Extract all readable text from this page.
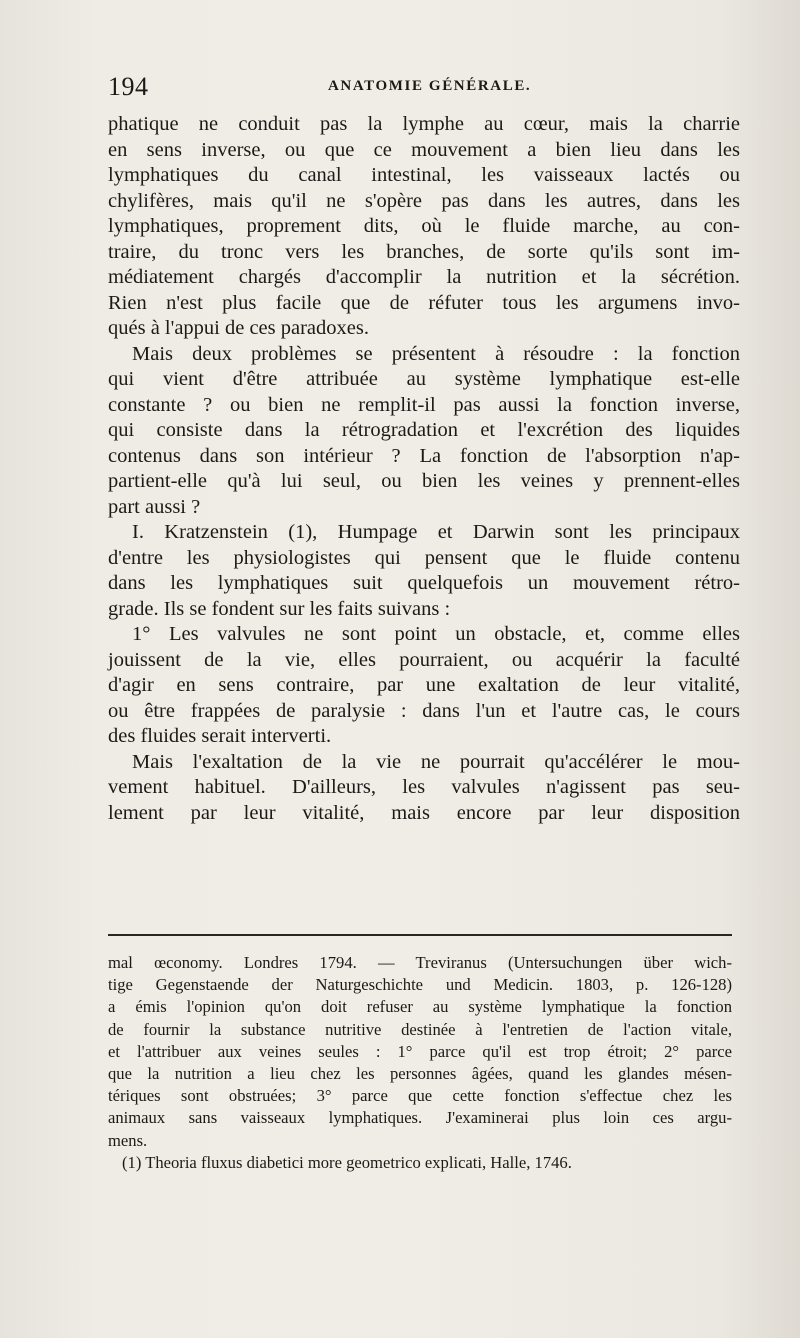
194	ANATOMIE GÉNÉRALE.
phatique ne conduit pas la lymphe au cœur, mais la charrie
en sens inverse, ou que ce mouvement a bien lieu dans les
lymphatiques du canal intestinal, les vaisseaux lactés ou
chylifères, mais qu'il ne s'opère pas dans les autres, dans les
lymphatiques, proprement dits, où le fluide marche, au con-
traire, du tronc vers les branches, de sorte qu'ils sont im-
médiatement chargés d'accomplir la nutrition et la sécrétion.
Rien n'est plus facile que de réfuter tous les argumens invo-
qués à l'appui de ces paradoxes.
Mais deux problèmes se présentent à résoudre : la fonction
qui vient d'être attribuée au système lymphatique est-elle
constante ? ou bien ne remplit-il pas aussi la fonction inverse,
qui consiste dans la rétrogradation et l'excrétion des liquides
contenus dans son intérieur ? La fonction de l'absorption n'ap-
partient-elle qu'à lui seul, ou bien les veines y prennent-elles
part aussi ?
I. Kratzenstein (1), Humpage et Darwin sont les principaux
d'entre les physiologistes qui pensent que le fluide contenu
dans les lymphatiques suit quelquefois un mouvement rétro-
grade. Ils se fondent sur les faits suivans :
1° Les valvules ne sont point un obstacle, et, comme elles
jouissent de la vie, elles pourraient, ou acquérir la faculté
d'agir en sens contraire, par une exaltation de leur vitalité,
ou être frappées de paralysie : dans l'un et l'autre cas, le cours
des fluides serait interverti.
Mais l'exaltation de la vie ne pourrait qu'accélérer le mou-
vement habituel. D'ailleurs, les valvules n'agissent pas seu-
lement par leur vitalité, mais encore par leur disposition
mal œconomy. Londres 1794. — Treviranus (Untersuchungen über wich-
tige Gegenstaende der Naturgeschichte und Medicin. 1803, p. 126-128)
a émis l'opinion qu'on doit refuser au système lymphatique la fonction
de fournir la substance nutritive destinée à l'entretien de l'action vitale,
et l'attribuer aux veines seules : 1° parce qu'il est trop étroit; 2° parce
que la nutrition a lieu chez les personnes âgées, quand les glandes mésen-
tériques sont obstruées; 3° parce que cette fonction s'effectue chez les
animaux sans vaisseaux lymphatiques. J'examinerai plus loin ces argu-
mens.
(1) Theoria fluxus diabetici more geometrico explicati, Halle, 1746.
